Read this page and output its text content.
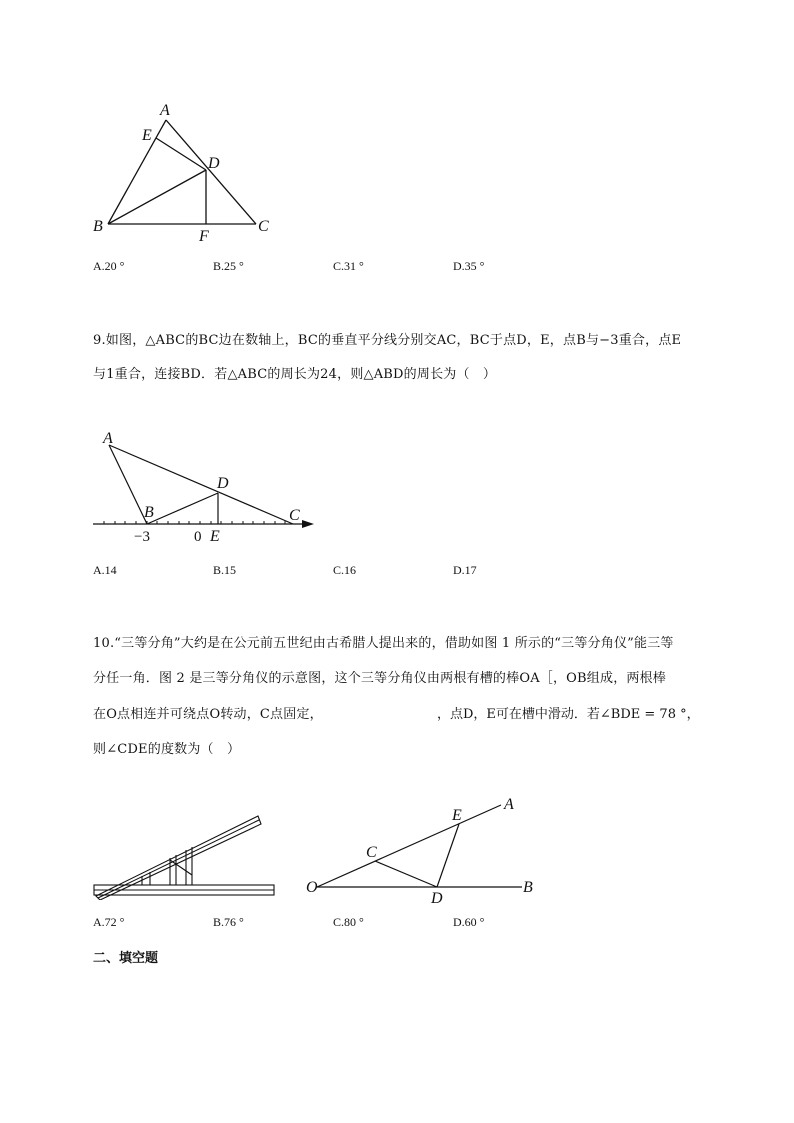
A
E
D
B
F
C
A.20 °	B.25 °	C.31 °	D.35 °
9.如图，△ABC的BC边在数轴上，BC的垂直平分线分别交AC，BC于点D，E，点B与−3重合，点E
与1重合，连接BD．若△ABC的周长为24，则△ABD的周长为（　）
A
D
B	C
−3	0 E
A.14	B.15	C.16	D.17
10.“三等分角”大约是在公元前五世纪由古希腊人提出来的，借助如图 1 所示的“三等分角仪”能三等
分任一角．图 2 是三等分角仪的示意图，这个三等分角仪由两根有槽的棒OA［，OB组成，两根棒
在O点相连并可绕点O转动，C点固定，	，点D，E可在槽中滑动．若∠BDE = 78 °，
则∠CDE的度数为（　）
E
A
C
O
D
B
A.72 °	B.76 °	C.80 °	D.60 °
二、填空题
